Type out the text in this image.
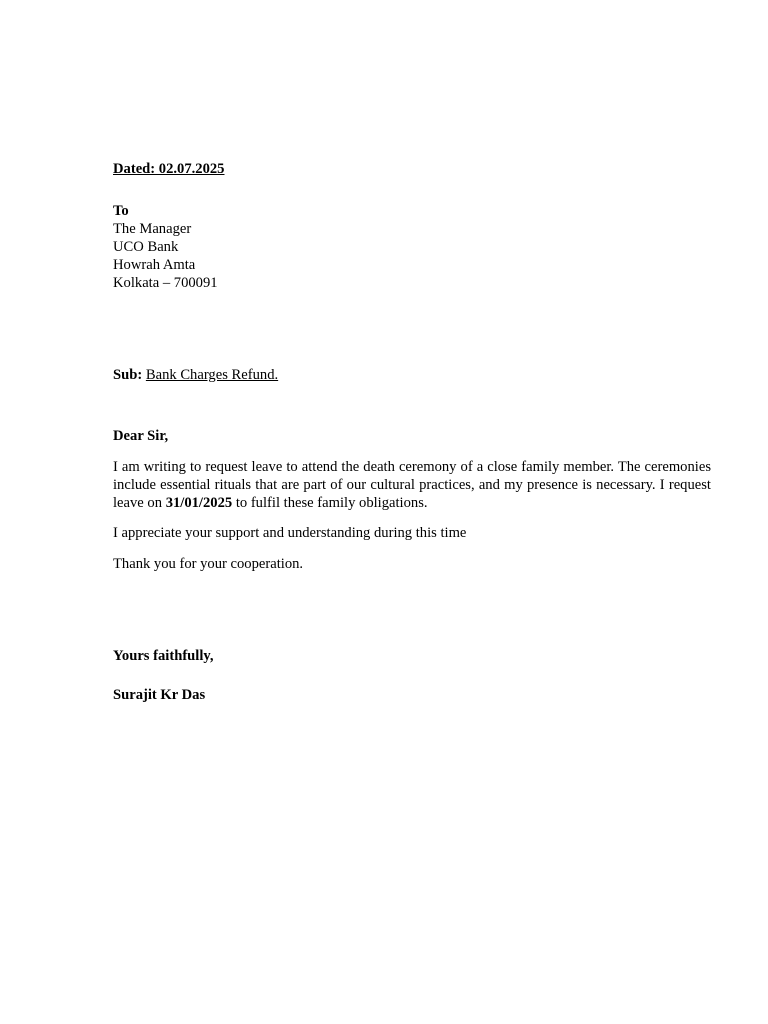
Dated: 02.07.2025
To
The Manager
UCO Bank
Howrah Amta
Kolkata – 700091
Sub: Bank Charges Refund.
Dear Sir,
I am writing to request leave to attend the death ceremony of a close family member. The ceremonies include essential rituals that are part of our cultural practices, and my presence is necessary. I request leave on 31/01/2025 to fulfil these family obligations.
I appreciate your support and understanding during this time
Thank you for your cooperation.
Yours faithfully,
Surajit Kr Das
